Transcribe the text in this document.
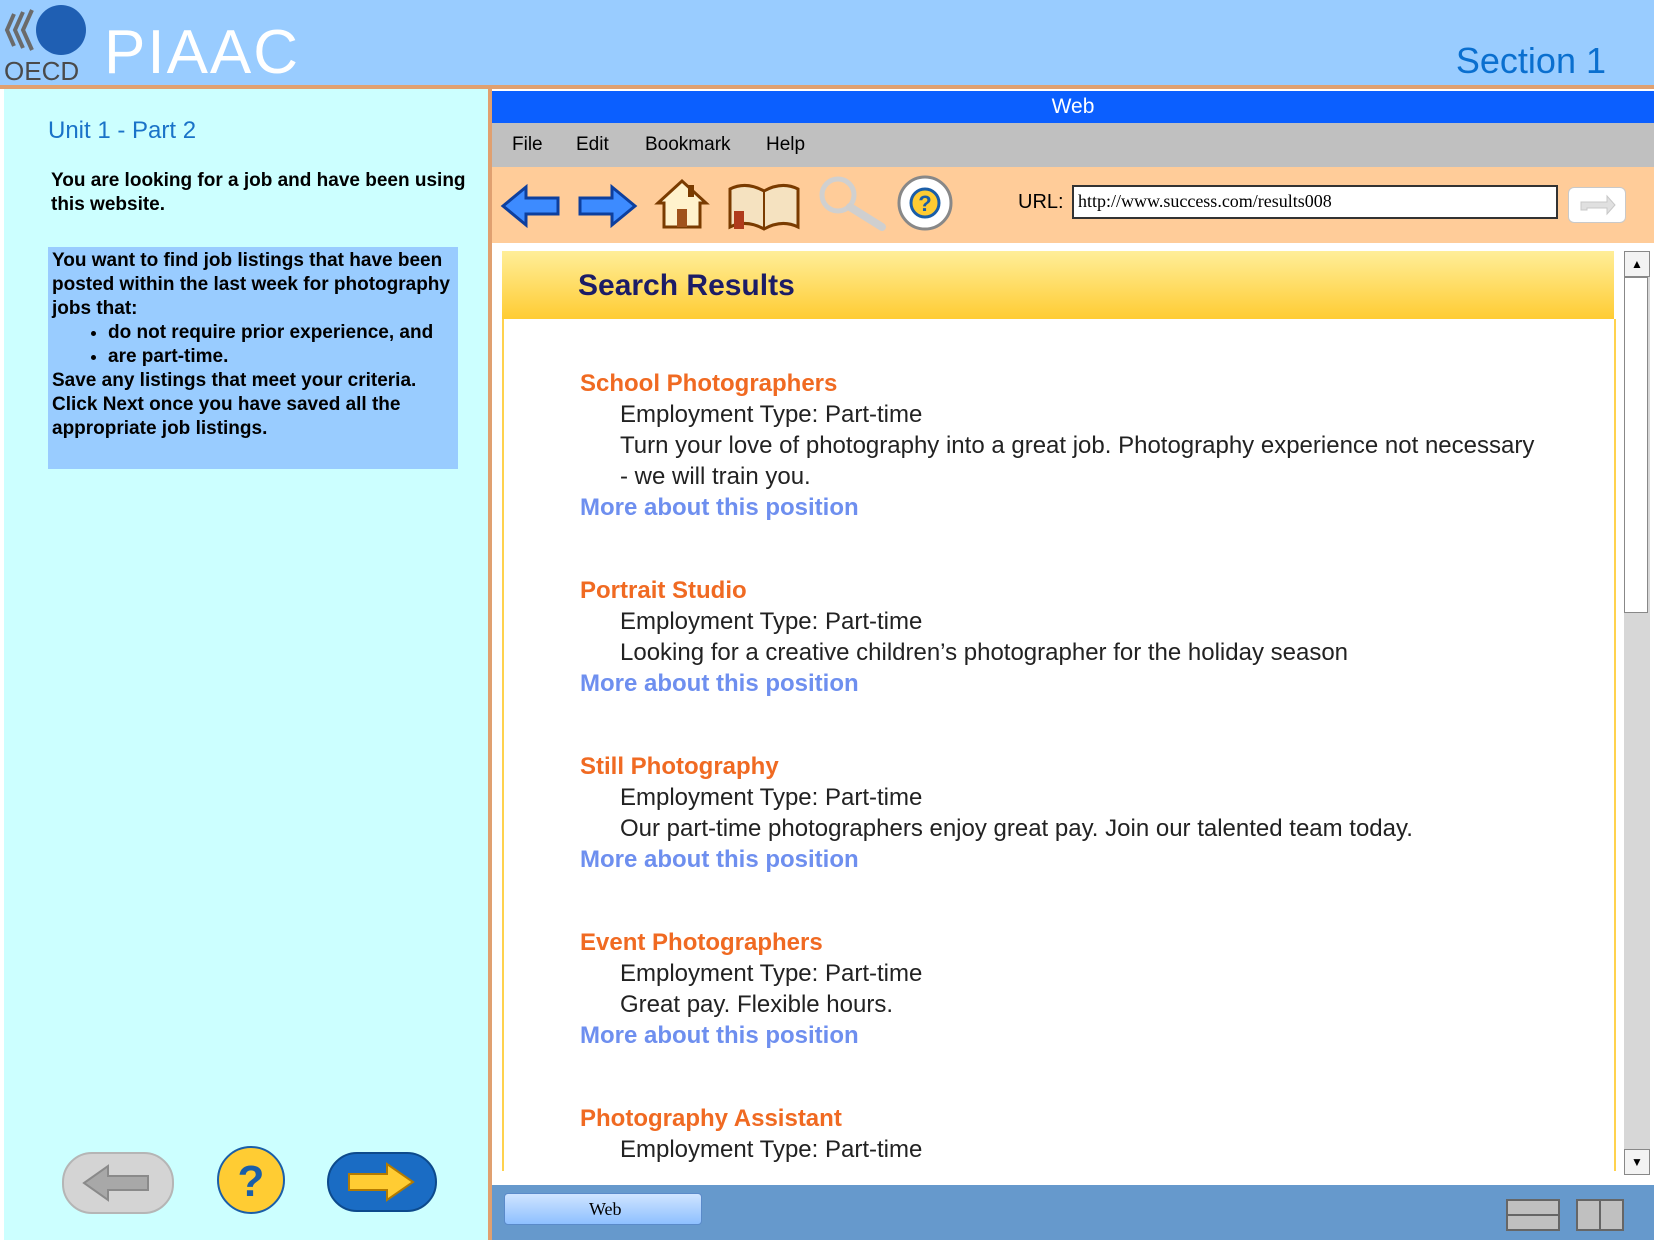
OECD PIAAC	Section 1
Unit 1 - Part 2
You are looking for a job and have been using this website.
You want to find job listings that have been posted within the last week for photography jobs that:
• do not require prior experience, and
• are part-time.
Save any listings that meet your criteria. Click Next once you have saved all the appropriate job listings.
?
Web
File Edit Bookmark Help
?	URL: http://www.success.com/results008
Search Results
School Photographers
Employment Type: Part-time
Turn your love of photography into a great job. Photography experience not necessary - we will train you.
More about this position
Portrait Studio
Employment Type: Part-time
Looking for a creative children’s photographer for the holiday season
More about this position
Still Photography
Employment Type: Part-time
Our part-time photographers enjoy great pay. Join our talented team today.
More about this position
Event Photographers
Employment Type: Part-time
Great pay. Flexible hours.
More about this position
Photography Assistant
Employment Type: Part-time
▲
▼
Web
